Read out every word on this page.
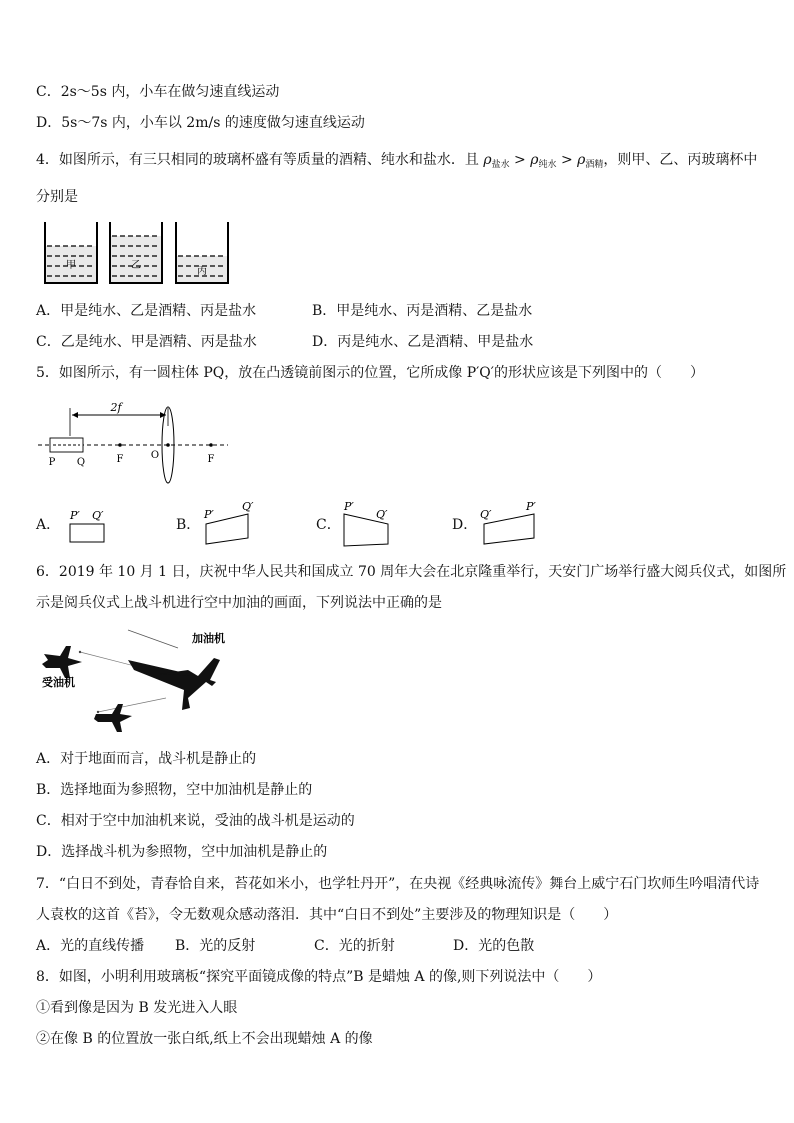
C．2s～5s 内，小车在做匀速直线运动
D．5s～7s 内，小车以 2m/s 的速度做匀速直线运动
4．如图所示，有三只相同的玻璃杯盛有等质量的酒精、纯水和盐水．且 $\rho_{盐水} > \rho_{纯水} > \rho_{酒精}$，则甲、乙、丙玻璃杯中
分别是
甲	乙
丙
A．甲是纯水、乙是酒精、丙是盐水	B．甲是纯水、丙是酒精、乙是盐水
C．乙是纯水、甲是酒精、丙是盐水	D．丙是纯水、乙是酒精、甲是盐水
5．如图所示，有一圆柱体 PQ，放在凸透镜前图示的位置，它所成像 P′Q′的形状应该是下列图中的（　　）
2f
P Q	F	O	F
A．
P′ Q′
B．
P′
Q′
C．
P′
Q′
D．
Q′
P′
6．2019 年 10 月 1 日，庆祝中华人民共和国成立 70 周年大会在北京隆重举行，天安门广场举行盛大阅兵仪式，如图所
示是阅兵仪式上战斗机进行空中加油的画面，下列说法中正确的是
加油机
受油机
A．对于地面而言，战斗机是静止的
B．选择地面为参照物，空中加油机是静止的
C．相对于空中加油机来说，受油的战斗机是运动的
D．选择战斗机为参照物，空中加油机是静止的
7．“白日不到处，青春恰自来，苔花如米小，也学牡丹开”，在央视《经典咏流传》舞台上威宁石门坎师生吟唱清代诗
人袁枚的这首《苔》，令无数观众感动落泪．其中“白日不到处”主要涉及的物理知识是（　　）
A．光的直线传播 B．光的反射	C．光的折射	D．光的色散
8．如图，小明利用玻璃板“探究平面镜成像的特点”B 是蜡烛 A 的像,则下列说法中（　　）
①看到像是因为 B 发光进入人眼
②在像 B 的位置放一张白纸,纸上不会出现蜡烛 A 的像
